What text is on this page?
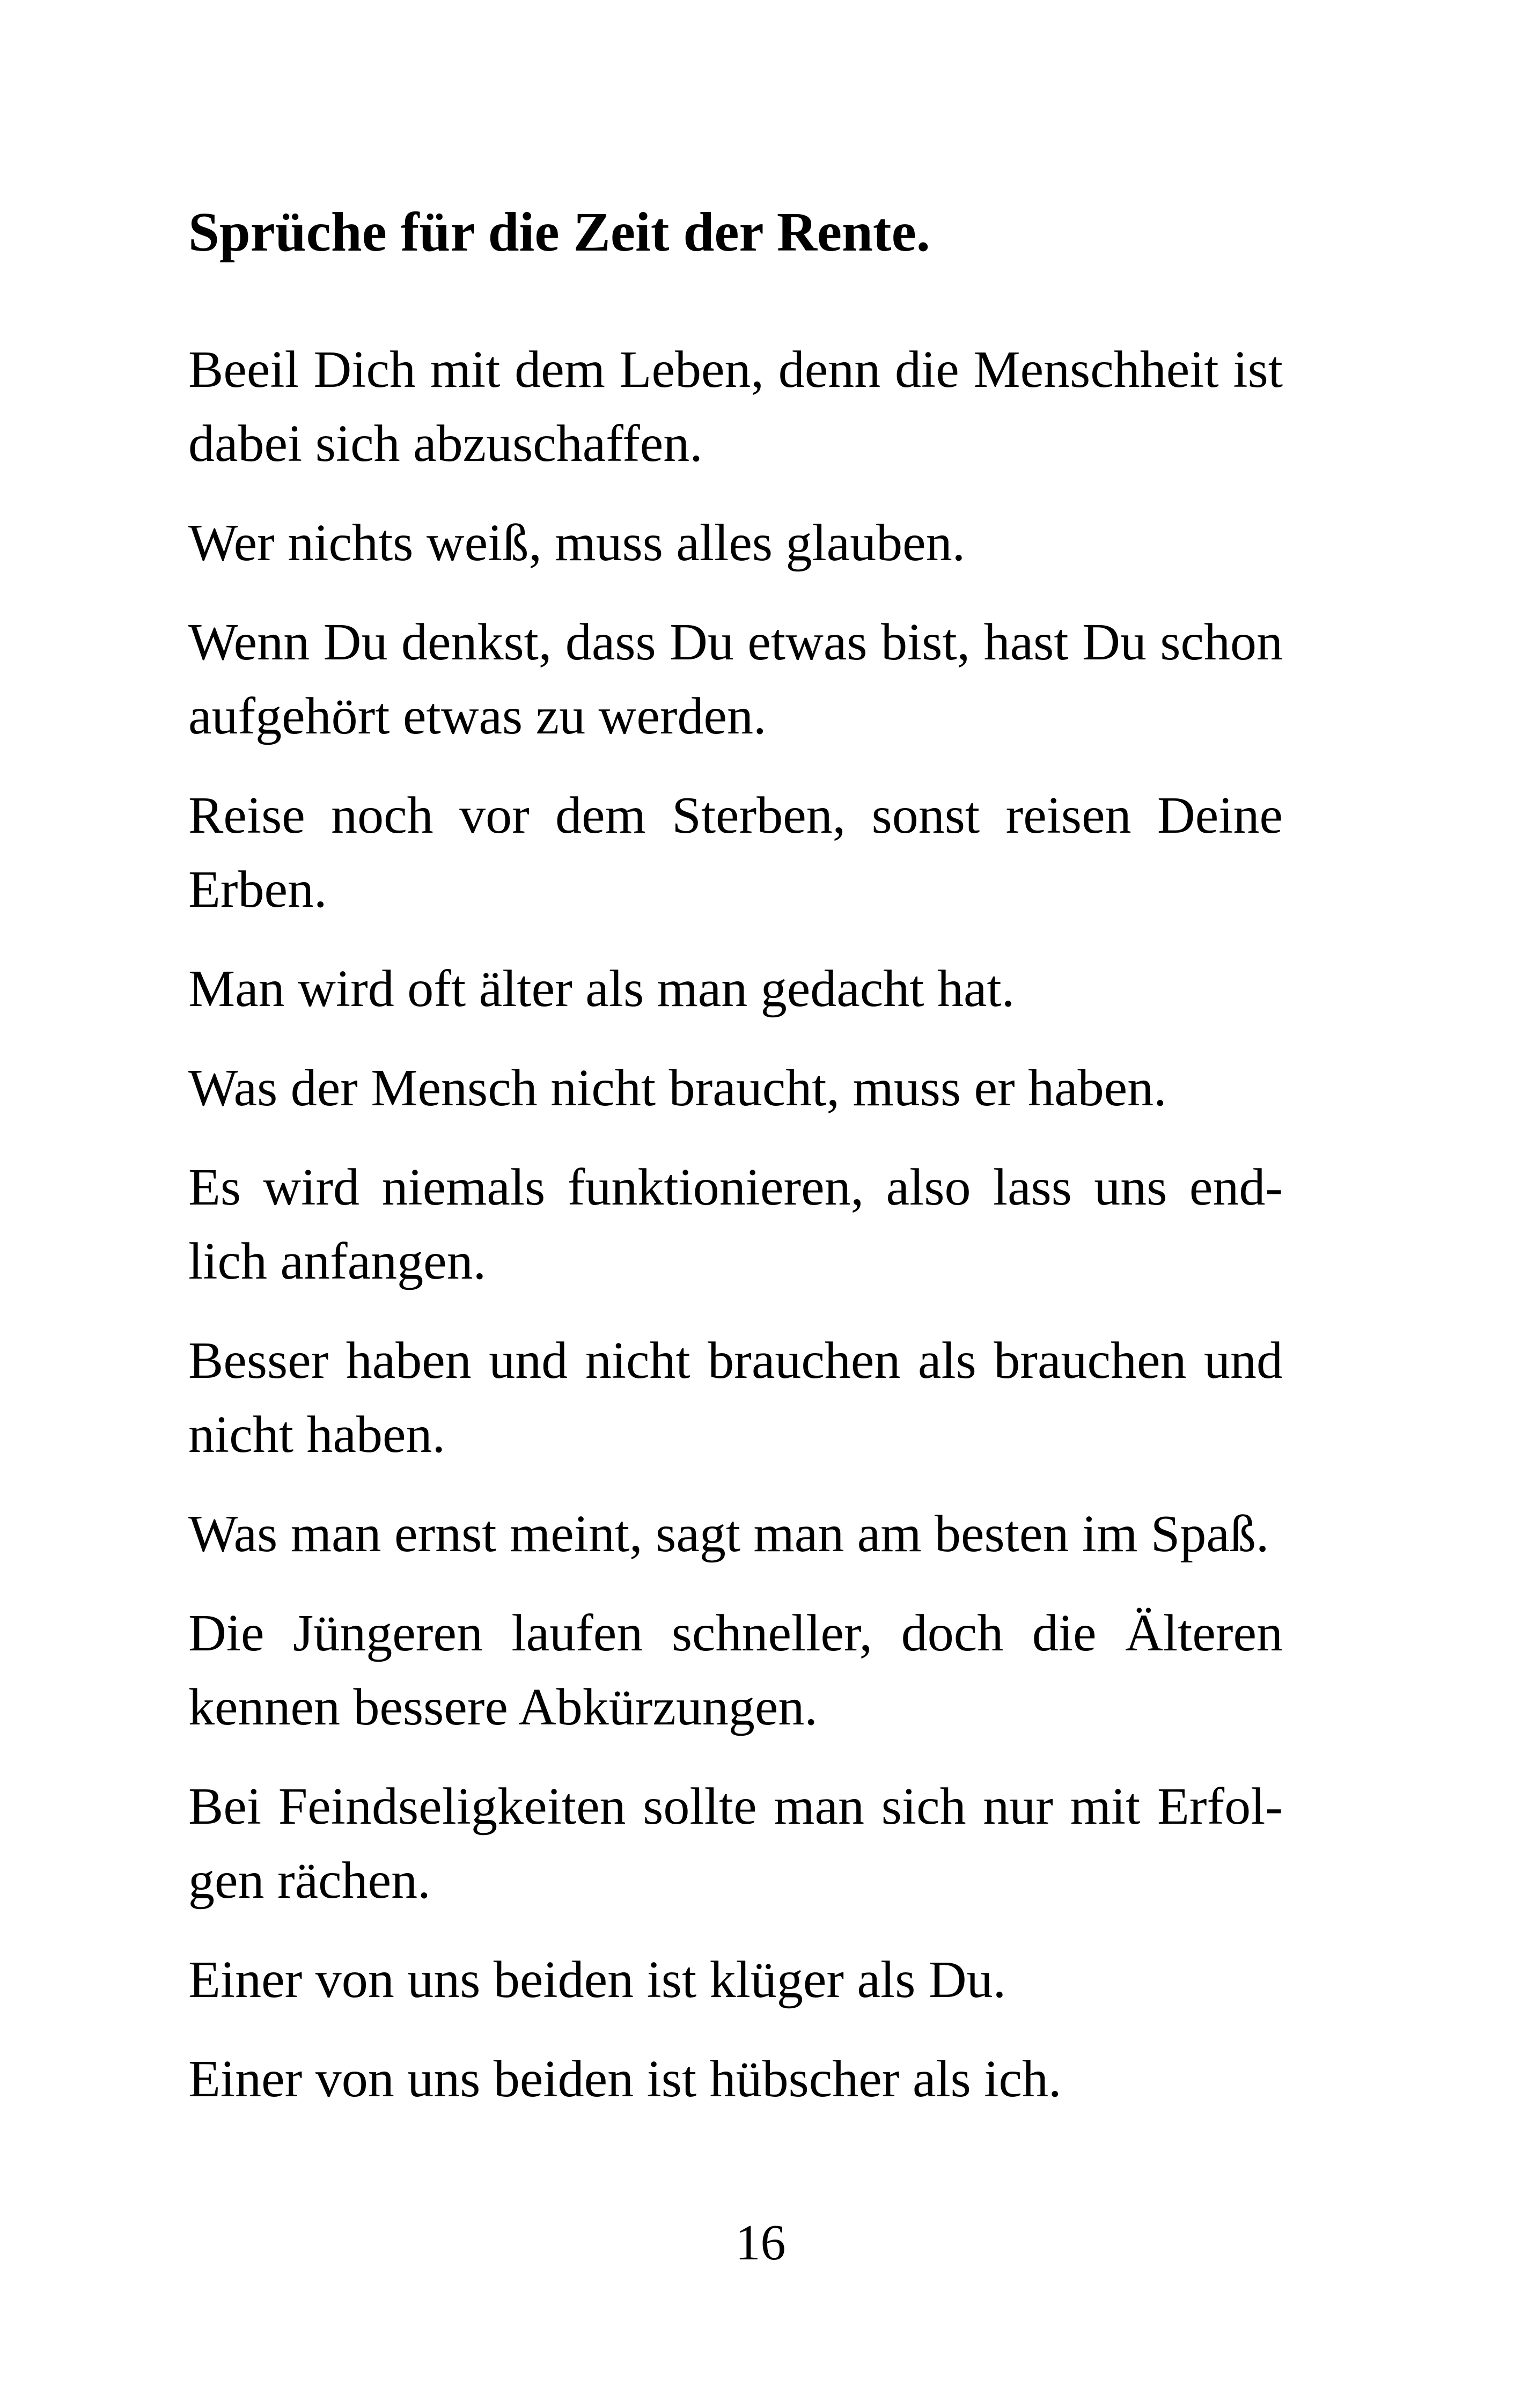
Sprüche für die Zeit der Rente.
Beeil Dich mit dem Leben, denn die Menschheit ist dabei sich abzuschaffen.
Wer nichts weiß, muss alles glauben.
Wenn Du denkst, dass Du etwas bist, hast Du schon aufgehört etwas zu werden.
Reise noch vor dem Sterben, sonst reisen Deine Erben.
Man wird oft älter als man gedacht hat.
Was der Mensch nicht braucht, muss er haben.
Es wird niemals funktionieren, also lass uns end-
lich anfangen.
Besser haben und nicht brauchen als brauchen und nicht haben.
Was man ernst meint, sagt man am besten im Spaß.
Die Jüngeren laufen schneller, doch die Älteren kennen bessere Abkürzungen.
Bei Feindseligkeiten sollte man sich nur mit Erfol-
gen rächen.
Einer von uns beiden ist klüger als Du.
Einer von uns beiden ist hübscher als ich.
16
